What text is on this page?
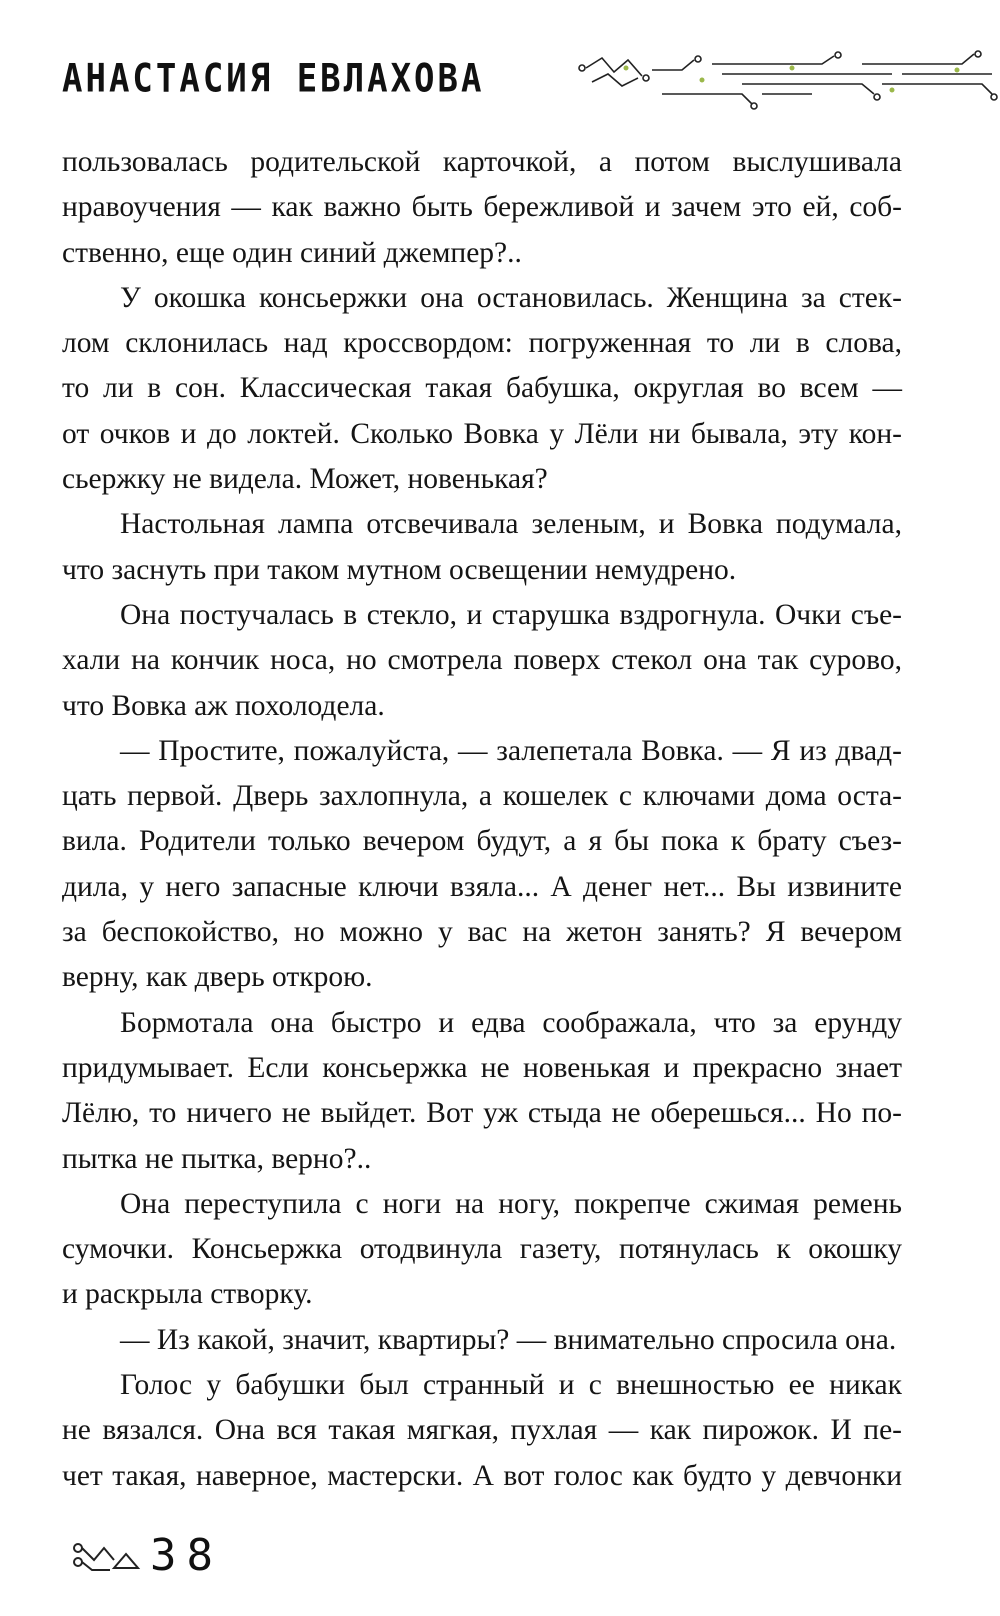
АНАСТАСИЯ ЕВЛАХОВА
пользовалась родительской карточкой, а потом выслушивала
нравоучения — как важно быть бережливой и зачем это ей, соб-
ственно, еще один синий джемпер?..
У окошка консьержки она остановилась. Женщина за стек-
лом склонилась над кроссвордом: погруженная то ли в слова,
то ли в сон. Классическая такая бабушка, округлая во всем —
от очков и до локтей. Сколько Вовка у Лёли ни бывала, эту кон-
сьержку не видела. Может, новенькая?
Настольная лампа отсвечивала зеленым, и Вовка подумала,
что заснуть при таком мутном освещении немудрено.
Она постучалась в стекло, и старушка вздрогнула. Очки съе-
хали на кончик носа, но смотрела поверх стекол она так сурово,
что Вовка аж похолодела.
— Простите, пожалуйста, — залепетала Вовка. — Я из двад-
цать первой. Дверь захлопнула, а кошелек с ключами дома оста-
вила. Родители только вечером будут, а я бы пока к брату съез-
дила, у него запасные ключи взяла... А денег нет... Вы извините
за беспокойство, но можно у вас на жетон занять? Я вечером
верну, как дверь открою.
Бормотала она быстро и едва соображала, что за ерунду
придумывает. Если консьержка не новенькая и прекрасно знает
Лёлю, то ничего не выйдет. Вот уж стыда не оберешься... Но по-
пытка не пытка, верно?..
Она переступила с ноги на ногу, покрепче сжимая ремень
сумочки. Консьержка отодвинула газету, потянулась к окошку
и раскрыла створку.
— Из какой, значит, квартиры? — внимательно спросила она.
Голос у бабушки был странный и с внешностью ее никак
не вязался. Она вся такая мягкая, пухлая — как пирожок. И пе-
чет такая, наверное, мастерски. А вот голос как будто у девчонки
38
